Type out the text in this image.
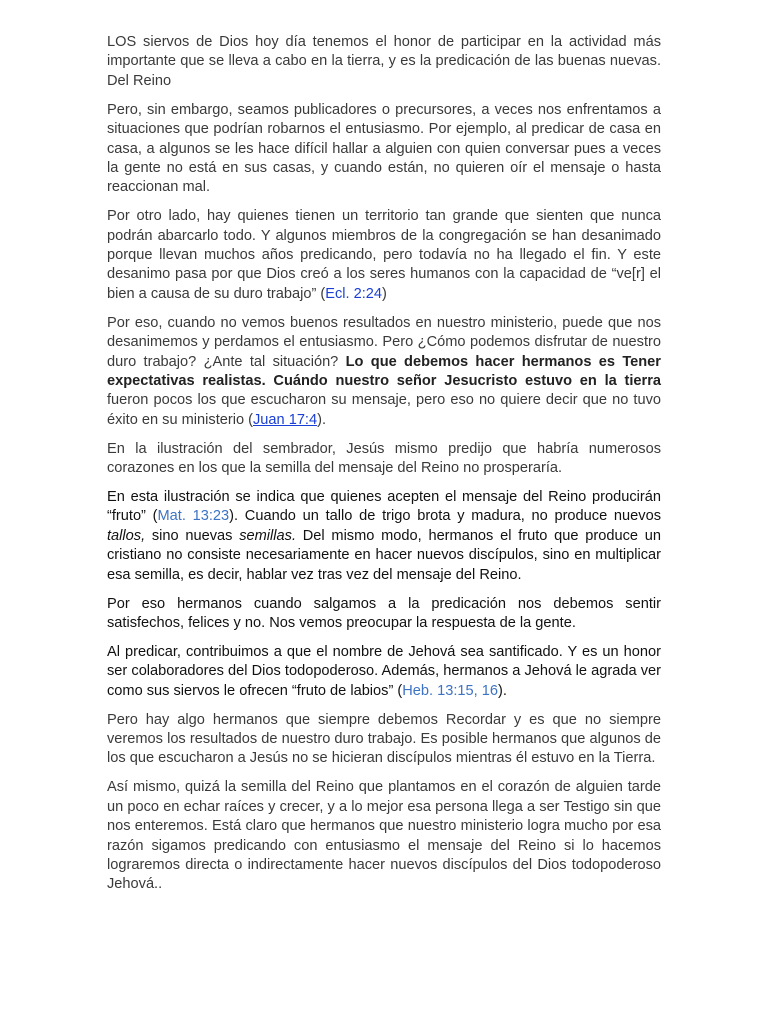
LOS siervos de Dios hoy día tenemos el honor de participar en la actividad más importante que se lleva a cabo en la tierra, y es la predicación de las buenas nuevas. Del Reino

Pero, sin embargo, seamos publicadores o precursores, a veces nos enfrentamos a situaciones que podrían robarnos el entusiasmo. Por ejemplo, al predicar de casa en casa, a algunos se les hace difícil hallar a alguien con quien conversar pues a veces la gente no está en sus casas, y cuando están, no quieren oír el mensaje o hasta reaccionan mal.

Por otro lado, hay quienes tienen un territorio tan grande que sienten que nunca podrán abarcarlo todo. Y algunos miembros de la congregación se han desanimado porque llevan muchos años predicando, pero todavía no ha llegado el fin. Y este desanimo pasa por que Dios creó a los seres humanos con la capacidad de “ve[r] el bien a causa de su duro trabajo” (Ecl. 2:24)

Por eso, cuando no vemos buenos resultados en nuestro ministerio, puede que nos desanimemos y perdamos el entusiasmo. Pero ¿Cómo podemos disfrutar de nuestro duro trabajo? ¿Ante tal situación? Lo que debemos hacer hermanos es Tener expectativas realistas. Cuándo nuestro señor Jesucristo estuvo en la tierra fueron pocos los que escucharon su mensaje, pero eso no quiere decir que no tuvo éxito en su ministerio (Juan 17:4).

En la ilustración del sembrador, Jesús mismo predijo que habría numerosos corazones en los que la semilla del mensaje del Reino no prosperaría.

En esta ilustración se indica que quienes acepten el mensaje del Reino producirán “fruto” (Mat. 13:23). Cuando un tallo de trigo brota y madura, no produce nuevos tallos, sino nuevas semillas. Del mismo modo, hermanos el fruto que produce un cristiano no consiste necesariamente en hacer nuevos discípulos, sino en multiplicar esa semilla, es decir, hablar vez tras vez del mensaje del Reino.

Por eso hermanos cuando salgamos a la predicación nos debemos sentir satisfechos, felices y no. Nos vemos preocupar la respuesta de la gente.

Al predicar, contribuimos a que el nombre de Jehová sea santificado. Y es un honor ser colaboradores del Dios todopoderoso. Además, hermanos a Jehová le agrada ver como sus siervos le ofrecen “fruto de labios” (Heb. 13:15, 16).

Pero hay algo hermanos que siempre debemos Recordar y es que no siempre veremos los resultados de nuestro duro trabajo. Es posible hermanos que algunos de los que escucharon a Jesús no se hicieran discípulos mientras él estuvo en la Tierra.

Así mismo, quizá la semilla del Reino que plantamos en el corazón de alguien tarde un poco en echar raíces y crecer, y a lo mejor esa persona llega a ser Testigo sin que nos enteremos. Está claro que hermanos que nuestro ministerio logra mucho por esa razón sigamos predicando con entusiasmo el mensaje del Reino si lo hacemos lograremos directa o indirectamente hacer nuevos discípulos del Dios todopoderoso Jehová..
